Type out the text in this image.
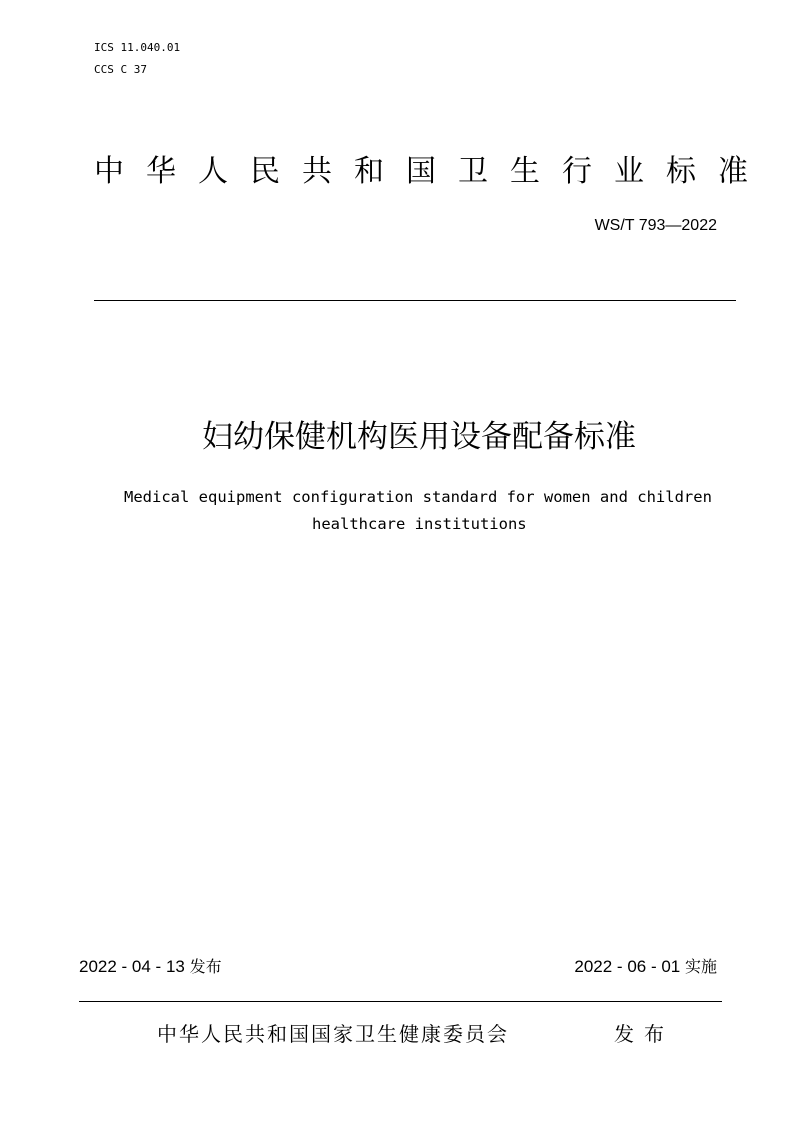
ICS 11.040.01
CCS C 37
中华人民共和国卫生行业标准
WS/T 793—2022
妇幼保健机构医用设备配备标准
Medical equipment configuration standard for women and children
healthcare institutions
2022 - 04 - 13 发布	2022 - 06 - 01 实施
中华人民共和国国家卫生健康委员会	发布
